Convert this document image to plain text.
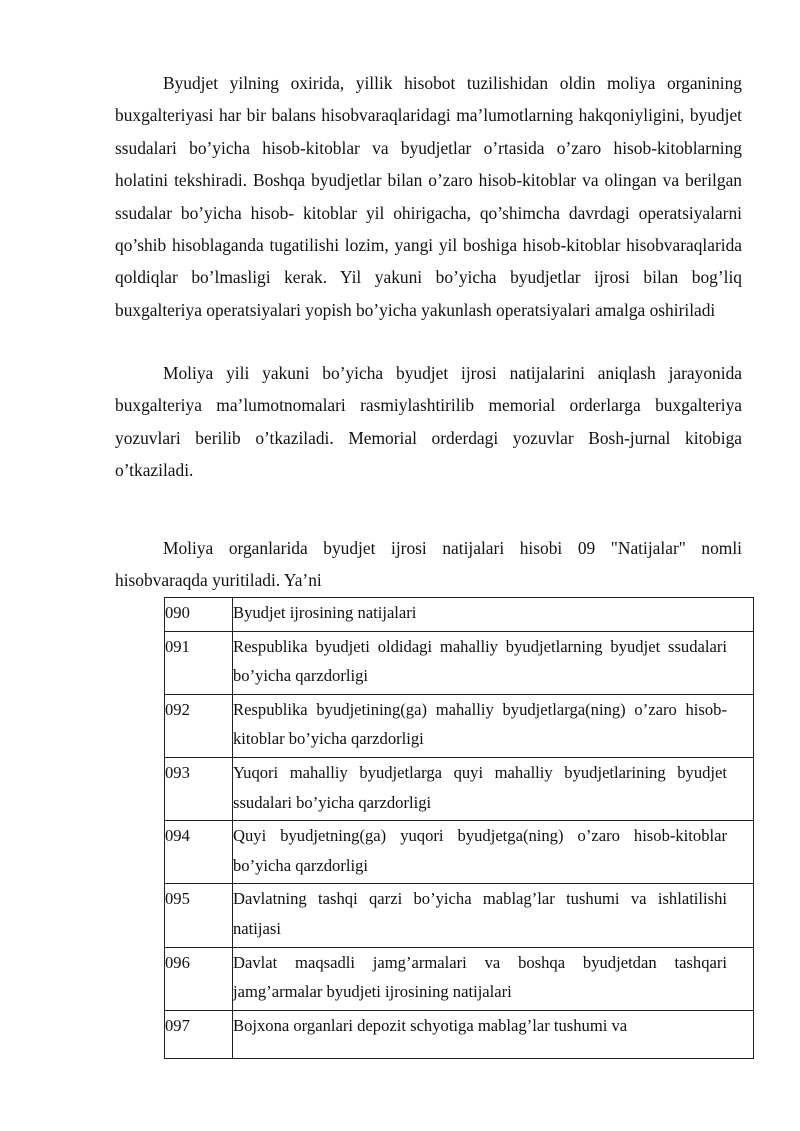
Byudjet yilning oxirida, yillik hisobot tuzilishidan oldin moliya organining buxgalteriyasi har bir balans hisobvaraqlaridagi ma’lumotlarning hakqoniyligini, byudjet ssudalari bo’yicha hisob-kitoblar va byudjetlar o’rtasida o’zaro hisob-kitoblarning holatini tekshiradi. Boshqa byudjetlar bilan o’zaro hisob-kitoblar va olingan va berilgan ssudalar bo’yicha hisob- kitoblar yil ohirigacha, qo’shimcha davrdagi operatsiyalarni qo’shib hisoblaganda tugatilishi lozim, yangi yil boshiga hisob-kitoblar hisobvaraqlarida qoldiqlar bo’lmasligi kerak. Yil yakuni bo’yicha byudjetlar ijrosi bilan bog’liq buxgalteriya operatsiyalari yopish bo’yicha yakunlash operatsiyalari amalga oshiriladi

Moliya yili yakuni bo’yicha byudjet ijrosi natijalarini aniqlash jarayonida buxgalteriya ma’lumotnomalari rasmiylashtirilib memorial orderlarga buxgalteriya yozuvlari berilib o’tkaziladi. Memorial orderdagi yozuvlar Bosh-jurnal kitobiga o’tkaziladi.

Moliya organlarida byudjet ijrosi natijalari hisobi 09 "Natijalar" nomli hisobvaraqda yuritiladi. Ya’ni

090	Byudjet ijrosining natijalari
091	Respublika byudjeti oldidagi mahalliy byudjetlarning byudjet ssudalari bo’yicha qarzdorligi
092	Respublika byudjetining(ga) mahalliy byudjetlarga(ning) o’zaro hisob-kitoblar bo’yicha qarzdorligi
093	Yuqori mahalliy byudjetlarga quyi mahalliy byudjetlarining byudjet ssudalari bo’yicha qarzdorligi
094	Quyi byudjetning(ga) yuqori byudjetga(ning) o’zaro hisob-kitoblar bo’yicha qarzdorligi
095	Davlatning tashqi qarzi bo’yicha mablag’lar tushumi va ishlatilishi natijasi
096	Davlat maqsadli jamg’armalari va boshqa byudjetdan tashqari jamg’armalar byudjeti ijrosining natijalari
097	Bojxona organlari depozit schyotiga mablag’lar tushumi va
